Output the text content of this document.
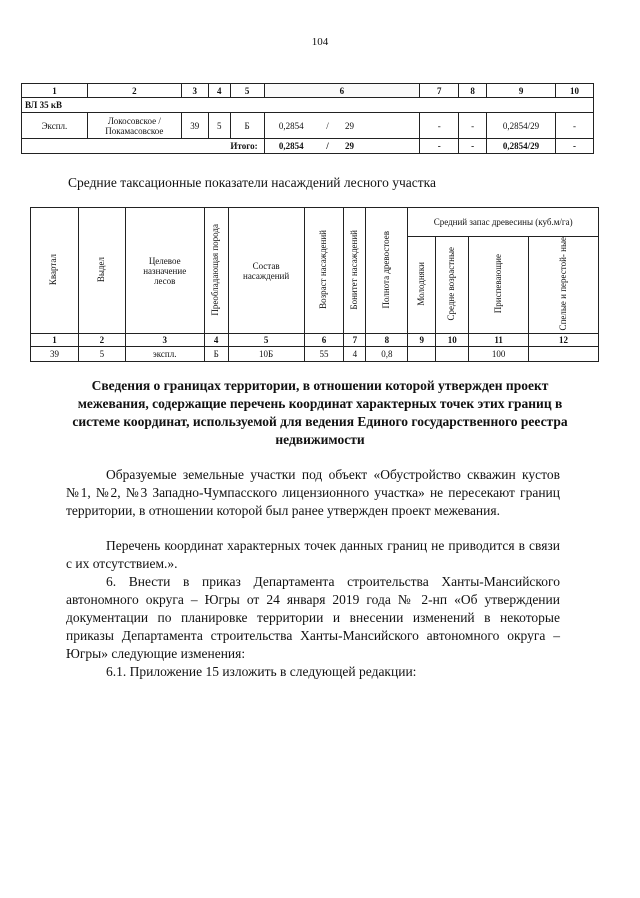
104
1	2	3	4	5	6			7	8	9	10
ВЛ 35 кВ											
Экспл.	Локосовское / Покамасовское	39	5	Б	0,2854	/	29	-	-	0,2854/29	-
Итого:					0,2854	/	29	-	-	0,2854/29	-
Средние таксационные показатели насаждений лесного участка
Квартал	Выдел	Целевое назначение лесов	Преобладающая порода	Состав насаждений	Возраст насаждений	Бонитет насаждений	Полнота древостоев	Средний запас древесины (куб.м/га)			
								Молодняки	Средне возрастные	Приспевающие	Спелые и перестой- ные
1	2	3	4	5	6	7	8	9	10	11	12
39	5	экспл.	Б	10Б	55	4	0,8			100	
Сведения о границах территории, в отношении которой утвержден проект межевания, содержащие перечень координат характерных точек этих границ в системе координат, используемой для ведения Единого государственного реестра недвижимости
Образуемые земельные участки под объект «Обустройство скважин кустов №1, №2, №3 Западно-Чумпасского лицензионного участка» не пересекают границ территории, в отношении которой был ранее утвержден проект межевания.
Перечень координат характерных точек данных границ не приводится в связи с их отсутствием.».
6. Внести в приказ Департамента строительства Ханты-Мансийского автономного округа – Югры от 24 января 2019 года № 2-нп «Об утверждении документации по планировке территории и внесении изменений в некоторые приказы Департамента строительства Ханты-Мансийского автономного округа – Югры» следующие изменения:
6.1. Приложение 15 изложить в следующей редакции:
